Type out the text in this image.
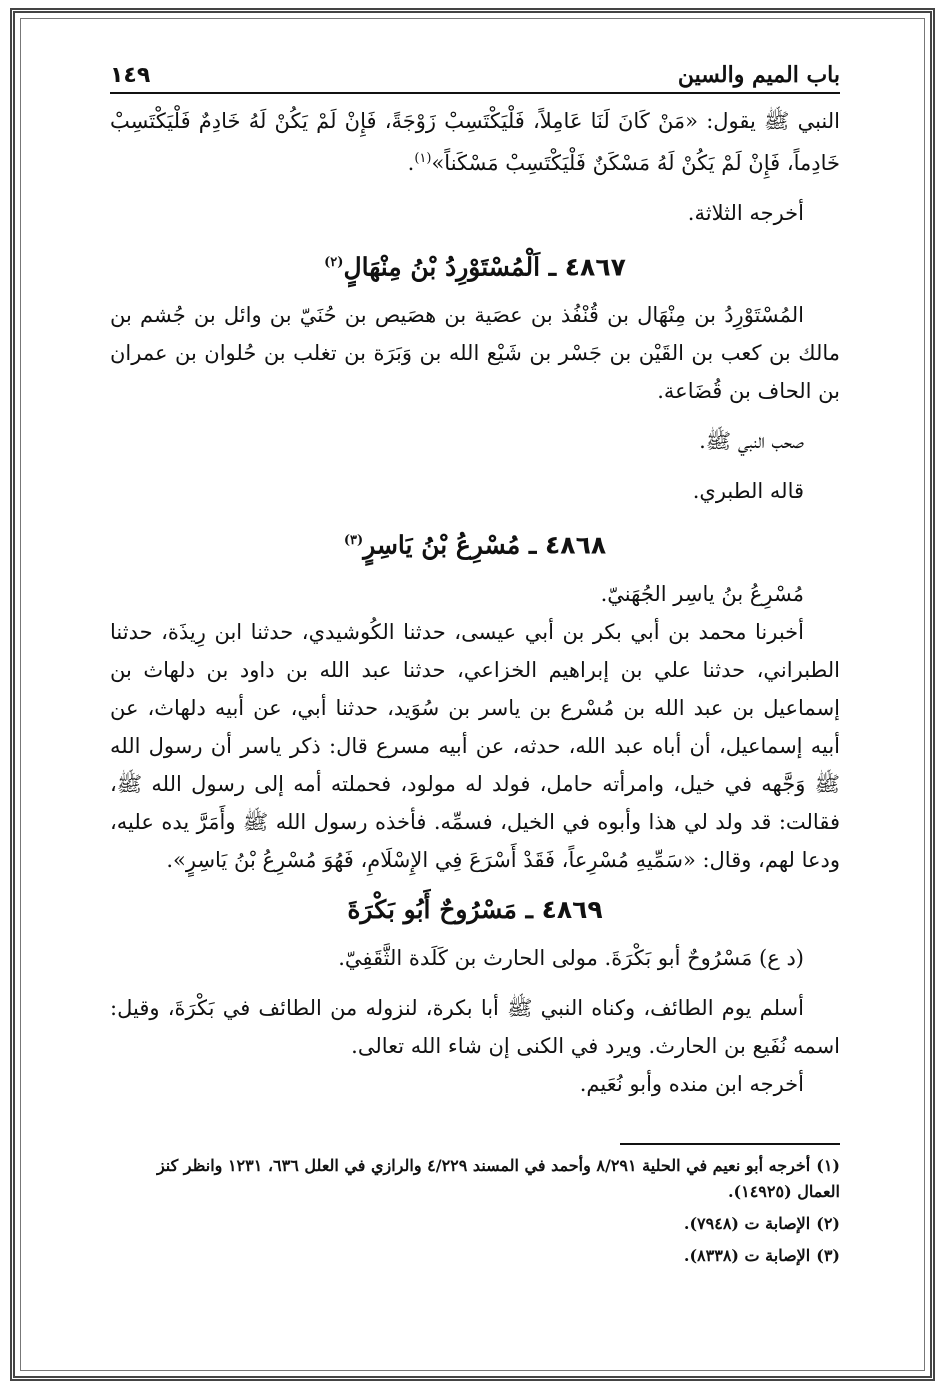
باب الميم والسين
١٤٩

النبي ﷺ يقول: «مَنْ كَانَ لَنَا عَامِلاً، فَلْيَكْتَسِبْ زَوْجَةً، فَإِنْ لَمْ يَكُنْ لَهُ خَادِمٌ فَلْيَكْتَسِبْ خَادِماً، فَإِنْ لَمْ يَكُنْ لَهُ مَسْكَنٌ فَلْيَكْتَسِبْ مَسْكَناً»$^{(١)}$.

أخرجه الثلاثة.

٤٨٦٧ ـ اَلْمُسْتَوْرِدُ بْنُ مِنْهَالٍ$^{(٢)}$

المُسْتَوْرِدُ بن مِنْهَال بن قُنْفُذ بن عصَية بن هصَيص بن حُنَيّ بن وائل بن جُشم بن مالك بن كعب بن القَيْن بن جَسْر بن شَيْع الله بن وَبَرَة بن تغلب بن حُلوان بن عمران بن الحاف بن قُضَاعة.

صحب النبي ﷺ.

قاله الطبري.

٤٨٦٨ ـ مُسْرِعُ بْنُ يَاسِرٍ$^{(٣)}$

مُسْرِعُ بنُ ياسِر الجُهَنيّ.

أخبرنا محمد بن أبي بكر بن أبي عيسى، حدثنا الكُوشيدي، حدثنا ابن رِيذَة، حدثنا الطبراني، حدثنا علي بن إبراهيم الخزاعي، حدثنا عبد الله بن داود بن دلهاث بن إسماعيل بن عبد الله بن مُسْرع بن ياسر بن سُوَيد، حدثنا أبي، عن أبيه دلهاث، عن أبيه إسماعيل، أن أباه عبد الله، حدثه، عن أبيه مسرع قال: ذكر ياسر أن رسول الله ﷺ وَجَّهه في خيل، وامرأته حامل، فولد له مولود، فحملته أمه إلى رسول الله ﷺ، فقالت: قد ولد لي هذا وأبوه في الخيل، فسمِّه. فأخذه رسول الله ﷺ وأَمَرَّ يده عليه، ودعا لهم، وقال: «سَمِّيهِ مُسْرِعاً، فَقَدْ أَسْرَعَ فِي الإِسْلَامِ، فَهُوَ مُسْرِعُ بْنُ يَاسِرٍ».

٤٨٦٩ ـ مَسْرُوحٌ أَبُو بَكْرَةَ

(د ع) مَسْرُوحٌ أبو بَكْرَةَ. مولى الحارث بن كَلَدة الثَّقَفِيّ.

أسلم يوم الطائف، وكناه النبي ﷺ أبا بكرة، لنزوله من الطائف في بَكْرَةَ، وقيل: اسمه نُفَيع بن الحارث. ويرد في الكنى إن شاء الله تعالى.

أخرجه ابن منده وأبو نُعَيم.

(١)أخرجه أبو نعيم في الحلية ٨/٢٩١ وأحمد في المسند ٤/٢٢٩ والرازي في العلل ٦٣٦، ١٢٣١ وانظر كنز العمال (١٤٩٢٥).

(٢)الإصابة ت (٧٩٤٨).

(٣)الإصابة ت (٨٣٣٨).
